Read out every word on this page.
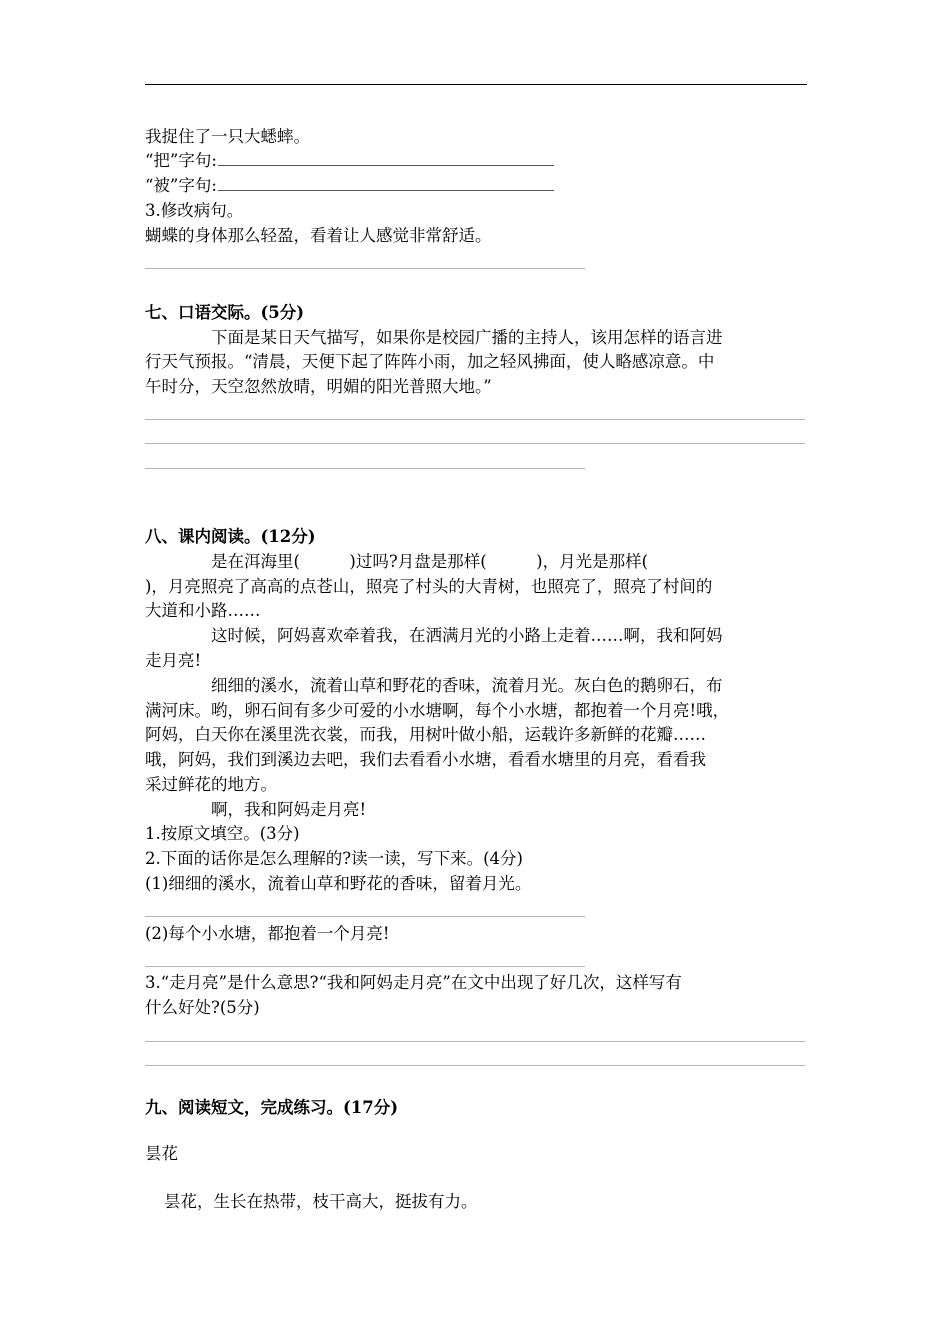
我捉住了一只大蟋蟀。
“把”字句:
“被”字句:
3.修改病句。
蝴蝶的身体那么轻盈，看着让人感觉非常舒适。
七、口语交际。(5分)
下面是某日天气描写，如果你是校园广播的主持人，该用怎样的语言进
行天气预报。“清晨，天便下起了阵阵小雨，加之轻风拂面，使人略感凉意。中
午时分，天空忽然放晴，明媚的阳光普照大地。”
八、课内阅读。(12分)
是在洱海里(　　　)过吗?月盘是那样(　　　)，月光是那样(
)，月亮照亮了高高的点苍山，照亮了村头的大青树，也照亮了，照亮了村间的
大道和小路……
这时候，阿妈喜欢牵着我，在洒满月光的小路上走着……啊，我和阿妈
走月亮!
细细的溪水，流着山草和野花的香味，流着月光。灰白色的鹅卵石，布
满河床。哟，卵石间有多少可爱的小水塘啊，每个小水塘，都抱着一个月亮!哦，
阿妈，白天你在溪里洗衣裳，而我，用树叶做小船，运载许多新鲜的花瓣……
哦，阿妈，我们到溪边去吧，我们去看看小水塘，看看水塘里的月亮，看看我
采过鲜花的地方。
啊，我和阿妈走月亮!
1.按原文填空。(3分)
2.下面的话你是怎么理解的?读一读，写下来。(4分)
(1)细细的溪水，流着山草和野花的香味，留着月光。
(2)每个小水塘，都抱着一个月亮!
3.“走月亮”是什么意思?“我和阿妈走月亮”在文中出现了好几次，这样写有
什么好处?(5分)
九、阅读短文，完成练习。(17分)
昙花
昙花，生长在热带，枝干高大，挺拔有力。
